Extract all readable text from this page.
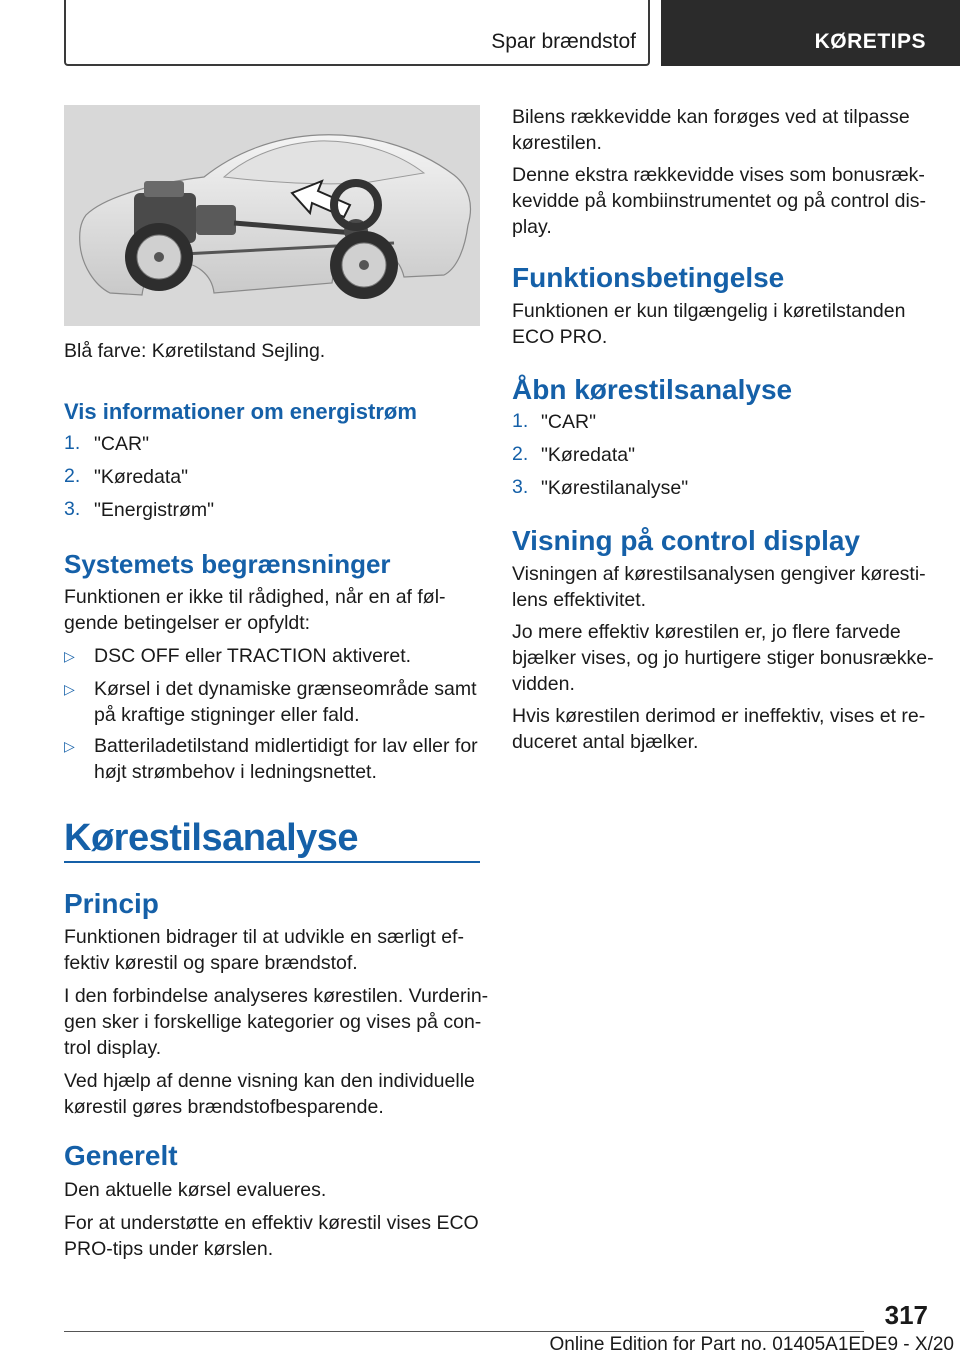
Spar brændstof	KØRETIPS
Blå farve: Køretilstand Sejling.
Vis informationer om energistrøm
1. "CAR"
2. "Køredata"
3. "Energistrøm"
Systemets begrænsninger
Funktionen er ikke til rådighed, når en af føl-
gende betingelser er opfyldt:
▷ DSC OFF eller TRACTION aktiveret.
▷ Kørsel i det dynamiske grænseområde samt
på kraftige stigninger eller fald.
▷ Batteriladetilstand midlertidigt for lav eller for
højt strømbehov i ledningsnettet.
Kørestilsanalyse
Princip
Funktionen bidrager til at udvikle en særligt ef-
fektiv kørestil og spare brændstof.
I den forbindelse analyseres kørestilen. Vurderin-
gen sker i forskellige kategorier og vises på con-
trol display.
Ved hjælp af denne visning kan den individuelle
kørestil gøres brændstofbesparende.
Generelt
Den aktuelle kørsel evalueres.
For at understøtte en effektiv kørestil vises ECO
PRO-tips under kørslen.
Bilens rækkevidde kan forøges ved at tilpasse
kørestilen.
Denne ekstra rækkevidde vises som bonusræk-
kevidde på kombiinstrumentet og på control dis-
play.
Funktionsbetingelse
Funktionen er kun tilgængelig i køretilstanden
ECO PRO.
Åbn kørestilsanalyse
1. "CAR"
2. "Køredata"
3. "Kørestilanalyse"
Visning på control display
Visningen af kørestilsanalysen gengiver køresti-
lens effektivitet.
Jo mere effektiv kørestilen er, jo flere farvede
bjælker vises, og jo hurtigere stiger bonusrække-
vidden.
Hvis kørestilen derimod er ineffektiv, vises et re-
duceret antal bjælker.
317
Online Edition for Part no. 01405A1EDE9 - X/20
